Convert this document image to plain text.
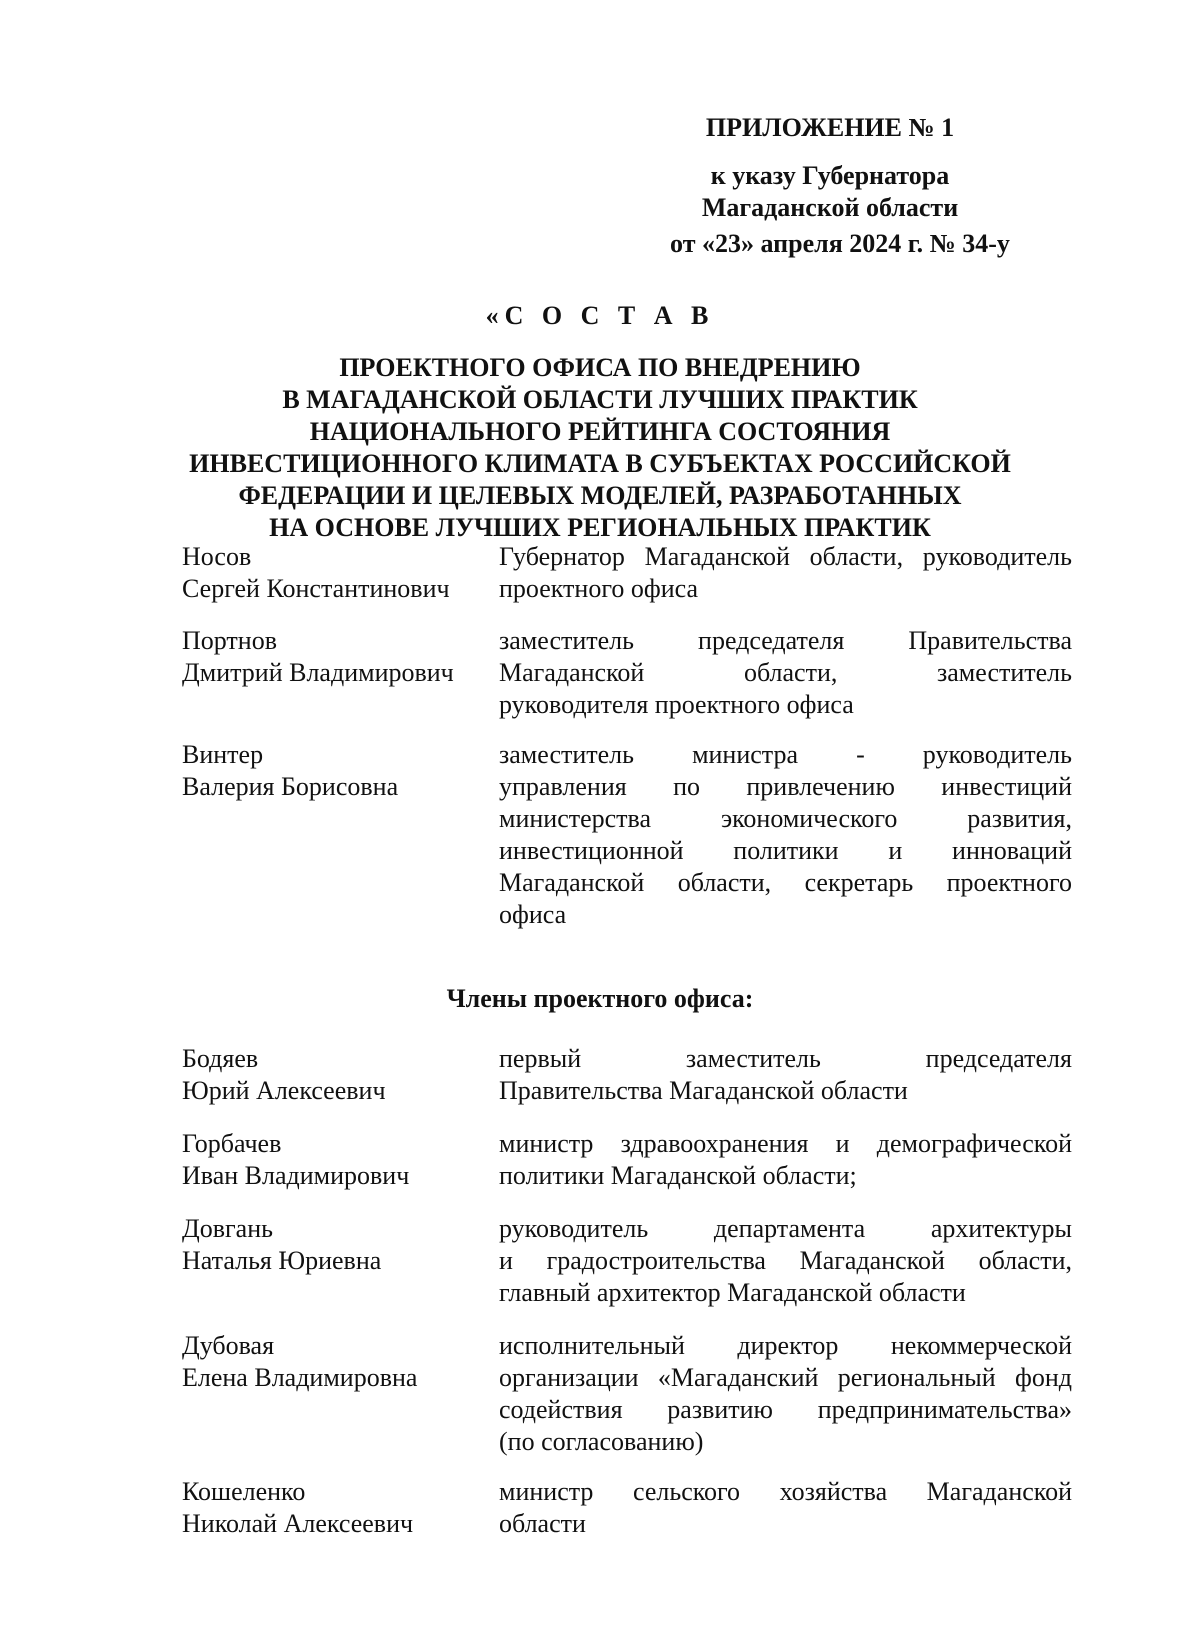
ПРИЛОЖЕНИЕ № 1
к указу Губернатора
Магаданской области
от «23» апреля 2024 г. № 34-у
«С О С Т А В
ПРОЕКТНОГО ОФИСА ПО ВНЕДРЕНИЮ
В МАГАДАНСКОЙ ОБЛАСТИ ЛУЧШИХ ПРАКТИК
НАЦИОНАЛЬНОГО РЕЙТИНГА СОСТОЯНИЯ
ИНВЕСТИЦИОННОГО КЛИМАТА В СУБЪЕКТАХ РОССИЙСКОЙ
ФЕДЕРАЦИИ И ЦЕЛЕВЫХ МОДЕЛЕЙ, РАЗРАБОТАННЫХ
НА ОСНОВЕ ЛУЧШИХ РЕГИОНАЛЬНЫХ ПРАКТИК
Носов
Сергей Константинович
Губернатор Магаданской области, руководитель
проектного офиса
Портнов
Дмитрий Владимирович
заместитель председателя Правительства
Магаданской области, заместитель
руководителя проектного офиса
Винтер
Валерия Борисовна
заместитель министра - руководитель
управления по привлечению инвестиций
министерства экономического развития,
инвестиционной политики и инноваций
Магаданской области, секретарь проектного
офиса
Члены проектного офиса:
Бодяев
Юрий Алексеевич
первый заместитель председателя
Правительства Магаданской области
Горбачев
Иван Владимирович
министр здравоохранения и демографической
политики Магаданской области;
Довгань
Наталья Юриевна
руководитель департамента архитектуры
и градостроительства Магаданской области,
главный архитектор Магаданской области
Дубовая
Елена Владимировна
исполнительный директор некоммерческой
организации «Магаданский региональный фонд
содействия развитию предпринимательства»
(по согласованию)
Кошеленко
Николай Алексеевич
министр сельского хозяйства Магаданской
области
